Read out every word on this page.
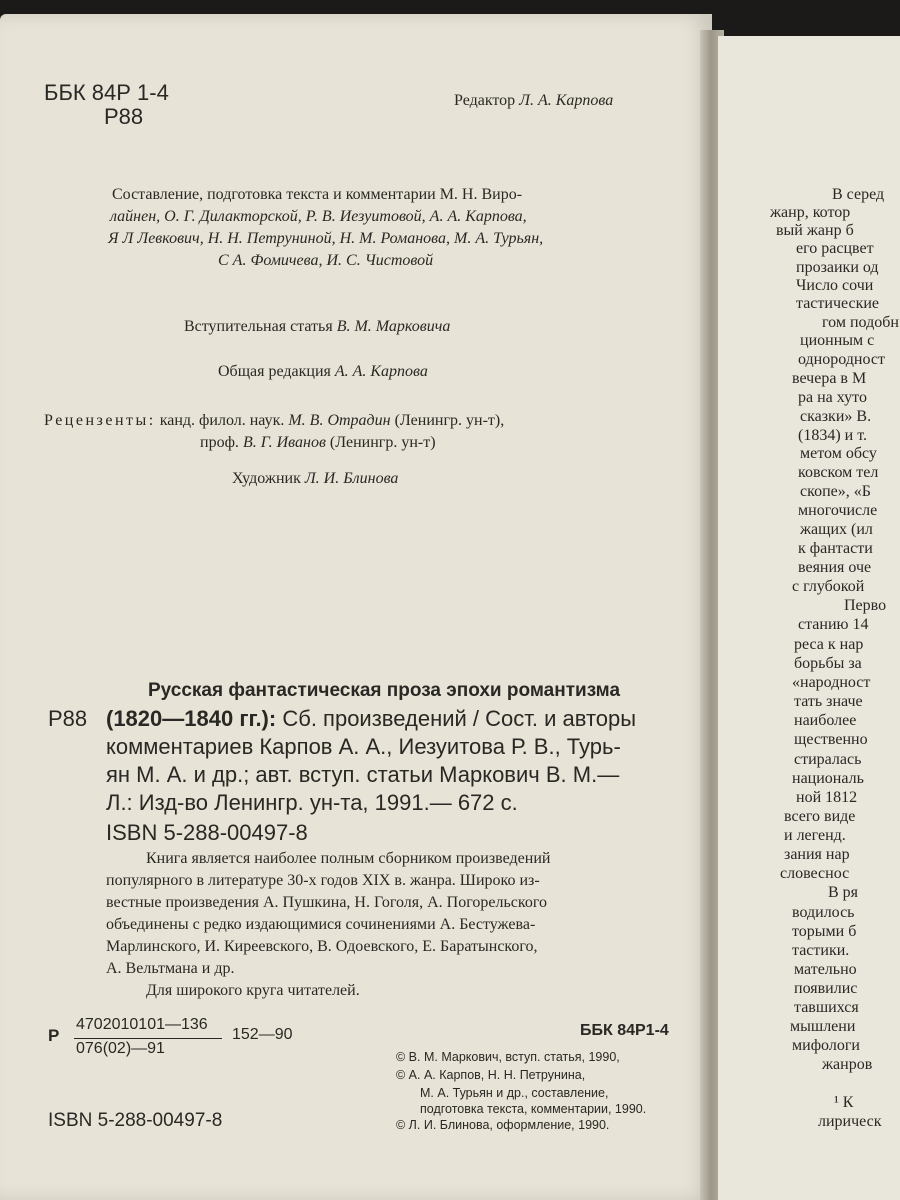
ББК 84Р 1-4
Р88
Редактор Л. А. Карпова
Составление, подготовка текста и комментарии М. Н. Виро-
лайнен, О. Г. Дилакторской, Р. В. Иезуитовой, А. А. Карпова,
Я Л Левкович, Н. Н. Петруниной, Н. М. Романова, М. А. Турьян,
С А. Фомичева, И. С. Чистовой
Вступительная статья В. М. Марковича
Общая редакция А. А. Карпова
Рецензенты: канд. филол. наук. М. В. Отрадин (Ленингр. ун-т),
проф. В. Г. Иванов (Ленингр. ун-т)
Художник Л. И. Блинова
Русская фантастическая проза эпохи романтизма
Р88 (1820—1840 гг.): Сб. произведений / Сост. и авторы
комментариев Карпов А. А., Иезуитова Р. В., Турь-
ян М. А. и др.; авт. вступ. статьи Маркович В. М.—
Л.: Изд-во Ленингр. ун-та, 1991.— 672 с.
ISBN 5-288-00497-8
Книга является наиболее полным сборником произведений
популярного в литературе 30-х годов XIX в. жанра. Широко из-
вестные произведения А. Пушкина, Н. Гоголя, А. Погорельского
объединены с редко издающимися сочинениями А. Бестужева-
Марлинского, И. Киреевского, В. Одоевского, Е. Баратынского,
А. Вельтмана и др.
Для широкого круга читателей.
Р
4702010101—136
076(02)—91
152—90	ББК 84Р1-4
ISBN 5-288-00497-8
© В. М. Маркович, вступ. статья, 1990,
© А. А. Карпов, Н. Н. Петрунина,
М. А. Турьян и др., составление,
подготовка текста, комментарии, 1990.
© Л. И. Блинова, оформление, 1990.
В серед
жанр, котор
вый жанр б
его расцвет
прозаики од
Число сочи
тастические
гом подобн
ционным с
однородност
вечера в М
ра на хуто
сказки» В.
(1834) и т.
метом обсу
ковском тел
скопе», «Б
многочисле
жащих (ил
к фантасти
веяния оче
с глубокой
Перво
станию 14
реса к нар
борьбы за
«народност
тать значе
наиболее
щественно
стиралась
националь
ной 1812
всего виде
и легенд.
зания нар
словеснос
В ря
водилось
торыми б
тастики.
мательно
появилис
тавшихся
мышлени
мифологи
жанров
¹ К
лирическ
